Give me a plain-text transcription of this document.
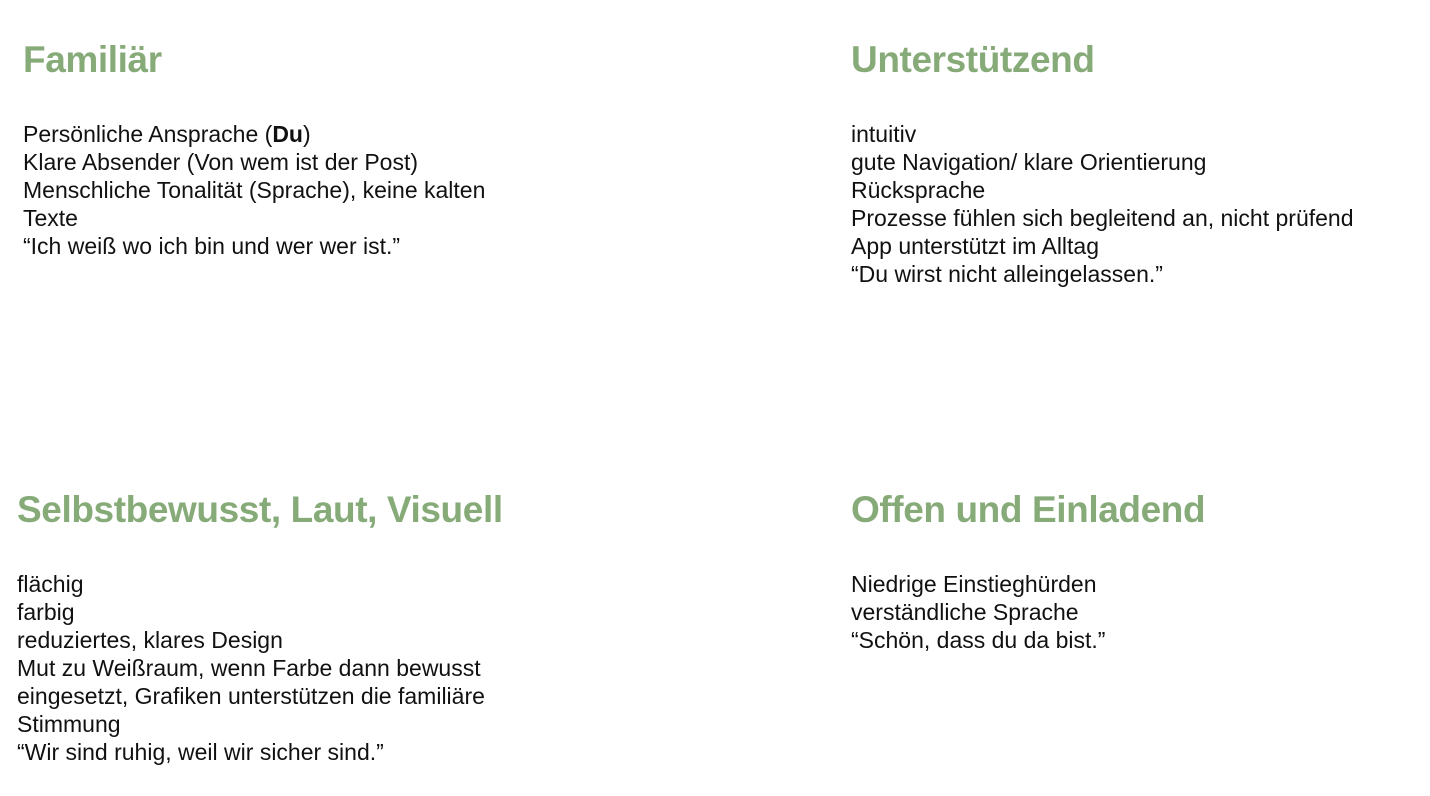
Familiär
Persönliche Ansprache (Du)
Klare Absender (Von wem ist der Post)
Menschliche Tonalität (Sprache), keine kalten
Texte
“Ich weiß wo ich bin und wer wer ist.”
Unterstützend
intuitiv
gute Navigation/ klare Orientierung
Rücksprache
Prozesse fühlen sich begleitend an, nicht prüfend
App unterstützt im Alltag
“Du wirst nicht alleingelassen.”
Selbstbewusst, Laut, Visuell
flächig
farbig
reduziertes, klares Design
Mut zu Weißraum, wenn Farbe dann bewusst
eingesetzt, Grafiken unterstützen die familiäre
Stimmung
“Wir sind ruhig, weil wir sicher sind.”
Offen und Einladend
Niedrige Einstieghürden
verständliche Sprache
“Schön, dass du da bist.”
